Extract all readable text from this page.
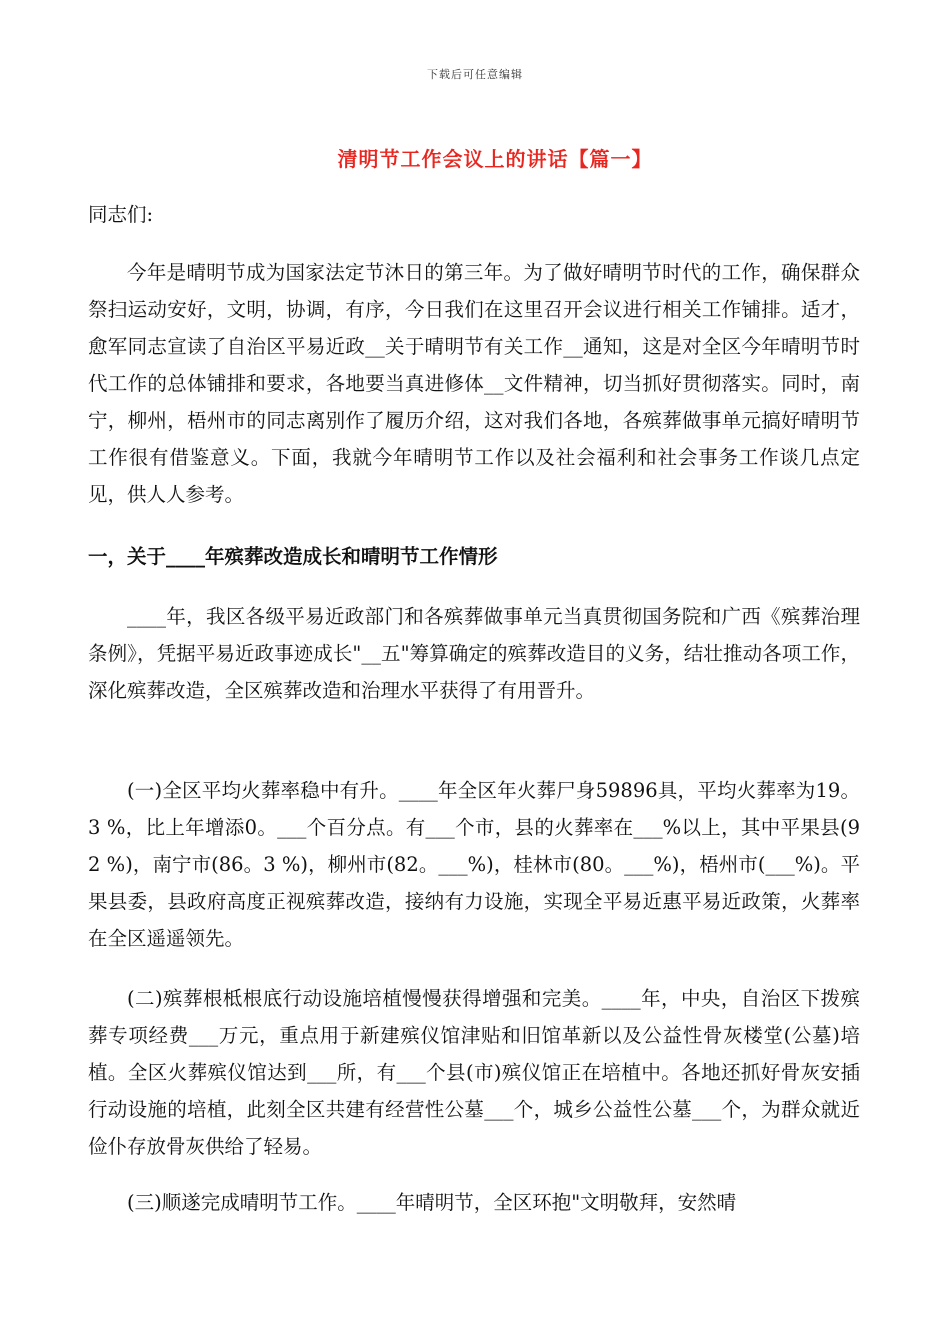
下载后可任意编辑
清明节工作会议上的讲话【篇一】
同志们:
今年是晴明节成为国家法定节沐日的第三年。为了做好晴明节时代的工作，确保群众祭扫运动安好，文明，协调，有序，今日我们在这里召开会议进行相关工作铺排。适才，愈军同志宣读了自治区平易近政__关于晴明节有关工作__通知，这是对全区今年晴明节时代工作的总体铺排和要求，各地要当真进修体__文件精神，切当抓好贯彻落实。同时，南宁，柳州，梧州市的同志离别作了履历介绍，这对我们各地，各殡葬做事单元搞好晴明节工作很有借鉴意义。下面，我就今年晴明节工作以及社会福利和社会事务工作谈几点定见，供人人参考。
一，关于____年殡葬改造成长和晴明节工作情形
____年，我区各级平易近政部门和各殡葬做事单元当真贯彻国务院和广西《殡葬治理条例》，凭据平易近政事迹成长"__五"筹算确定的殡葬改造目的义务，结壮推动各项工作，深化殡葬改造，全区殡葬改造和治理水平获得了有用晋升。
(一)全区平均火葬率稳中有升。____年全区年火葬尸身59896具，平均火葬率为19。3 %，比上年增添0。___个百分点。有___个市，县的火葬率在___%以上，其中平果县(92 %)，南宁市(86。3 %)，柳州市(82。___%)，桂林市(80。___%)，梧州市(___%)。平果县委，县政府高度正视殡葬改造，接纳有力设施，实现全平易近惠平易近政策，火葬率在全区遥遥领先。
(二)殡葬根柢根底行动设施培植慢慢获得增强和完美。____年，中央，自治区下拨殡葬专项经费___万元，重点用于新建殡仪馆津贴和旧馆革新以及公益性骨灰楼堂(公墓)培植。全区火葬殡仪馆达到___所，有___个县(市)殡仪馆正在培植中。各地还抓好骨灰安插行动设施的培植，此刻全区共建有经营性公墓___个，城乡公益性公墓___个，为群众就近俭仆存放骨灰供给了轻易。
(三)顺遂完成晴明节工作。____年晴明节，全区环抱"文明敬拜，安然晴
